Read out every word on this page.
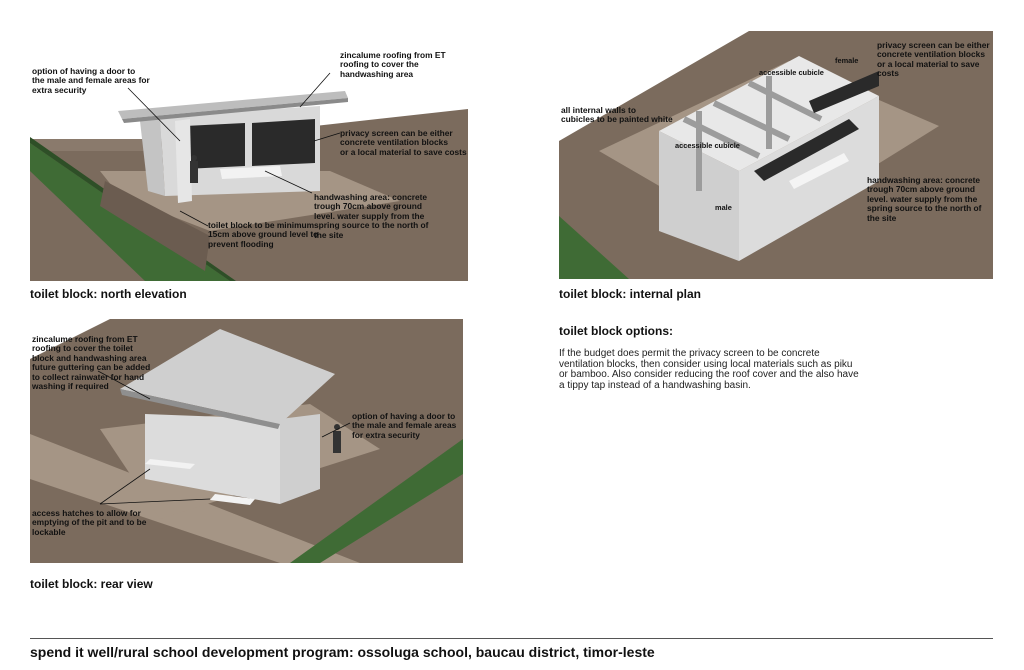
option of having a door to
the male and female areas for
extra security
zincalume roofing from ET
roofing to cover the
handwashing area
privacy screen can be either
concrete ventilation blocks
or a local material to save costs
handwashing area: concrete
trough 70cm above ground
level. water supply from the
spring source to the north of
the site
toilet block to be minimum
15cm above ground level to
prevent flooding
toilet block: north elevation
female
accessible cubicle
accessible cubicle
male
all internal walls to
cubicles to be painted white
privacy screen can be either
concrete ventilation blocks
or a local material to save
costs
handwashing area: concrete
trough 70cm above ground
level. water supply from the
spring source to the north of
the site
toilet block: internal plan
zincalume roofing from ET
roofing to cover the toilet
block and handwashing area
future guttering can be added
to collect rainwater for hand
washing if required
option of having a door to
the male and female areas
for extra security
access hatches to allow for
emptying of the pit and to be
lockable
toilet block: rear view
toilet block options:
If the budget does permit the privacy screen to be concrete ventilation blocks, then consider using local materials such as piku or bamboo. Also consider reducing the roof cover and the also have a tippy tap instead of a handwashing basin.
spend it well/rural school development program: ossoluga school, baucau district, timor-leste
